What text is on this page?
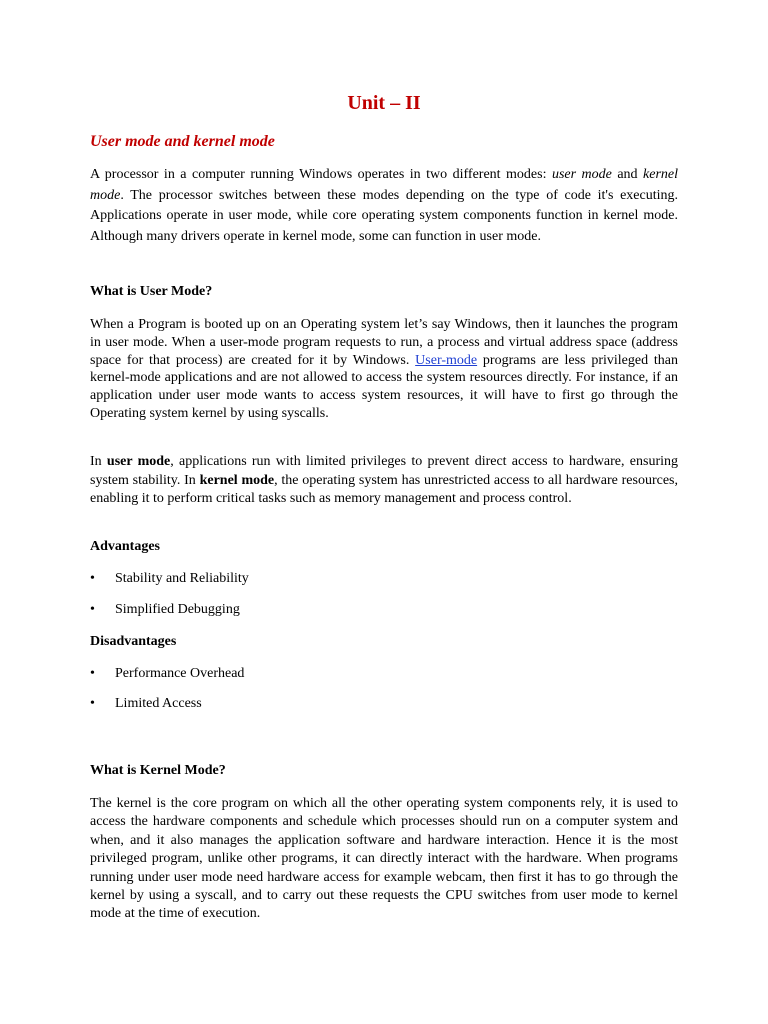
Unit – II
User mode and kernel mode

A processor in a computer running Windows operates in two different modes: user mode and kernel mode. The processor switches between these modes depending on the type of code it's executing. Applications operate in user mode, while core operating system components function in kernel mode. Although many drivers operate in kernel mode, some can function in user mode.

What is User Mode?

When a Program is booted up on an Operating system let’s say Windows, then it launches the program in user mode. When a user-mode program requests to run, a process and virtual address space (address space for that process) are created for it by Windows. User-mode programs are less privileged than kernel-mode applications and are not allowed to access the system resources directly. For instance, if an application under user mode wants to access system resources, it will have to first go through the Operating system kernel by using syscalls.

In user mode, applications run with limited privileges to prevent direct access to hardware, ensuring system stability. In kernel mode, the operating system has unrestricted access to all hardware resources, enabling it to perform critical tasks such as memory management and process control.

Advantages
• Stability and Reliability
• Simplified Debugging
Disadvantages
• Performance Overhead
• Limited Access
What is Kernel Mode?

The kernel is the core program on which all the other operating system components rely, it is used to access the hardware components and schedule which processes should run on a computer system and when, and it also manages the application software and hardware interaction. Hence it is the most privileged program, unlike other programs, it can directly interact with the hardware. When programs running under user mode need hardware access for example webcam, then first it has to go through the kernel by using a syscall, and to carry out these requests the CPU switches from user mode to kernel mode at the time of execution.
